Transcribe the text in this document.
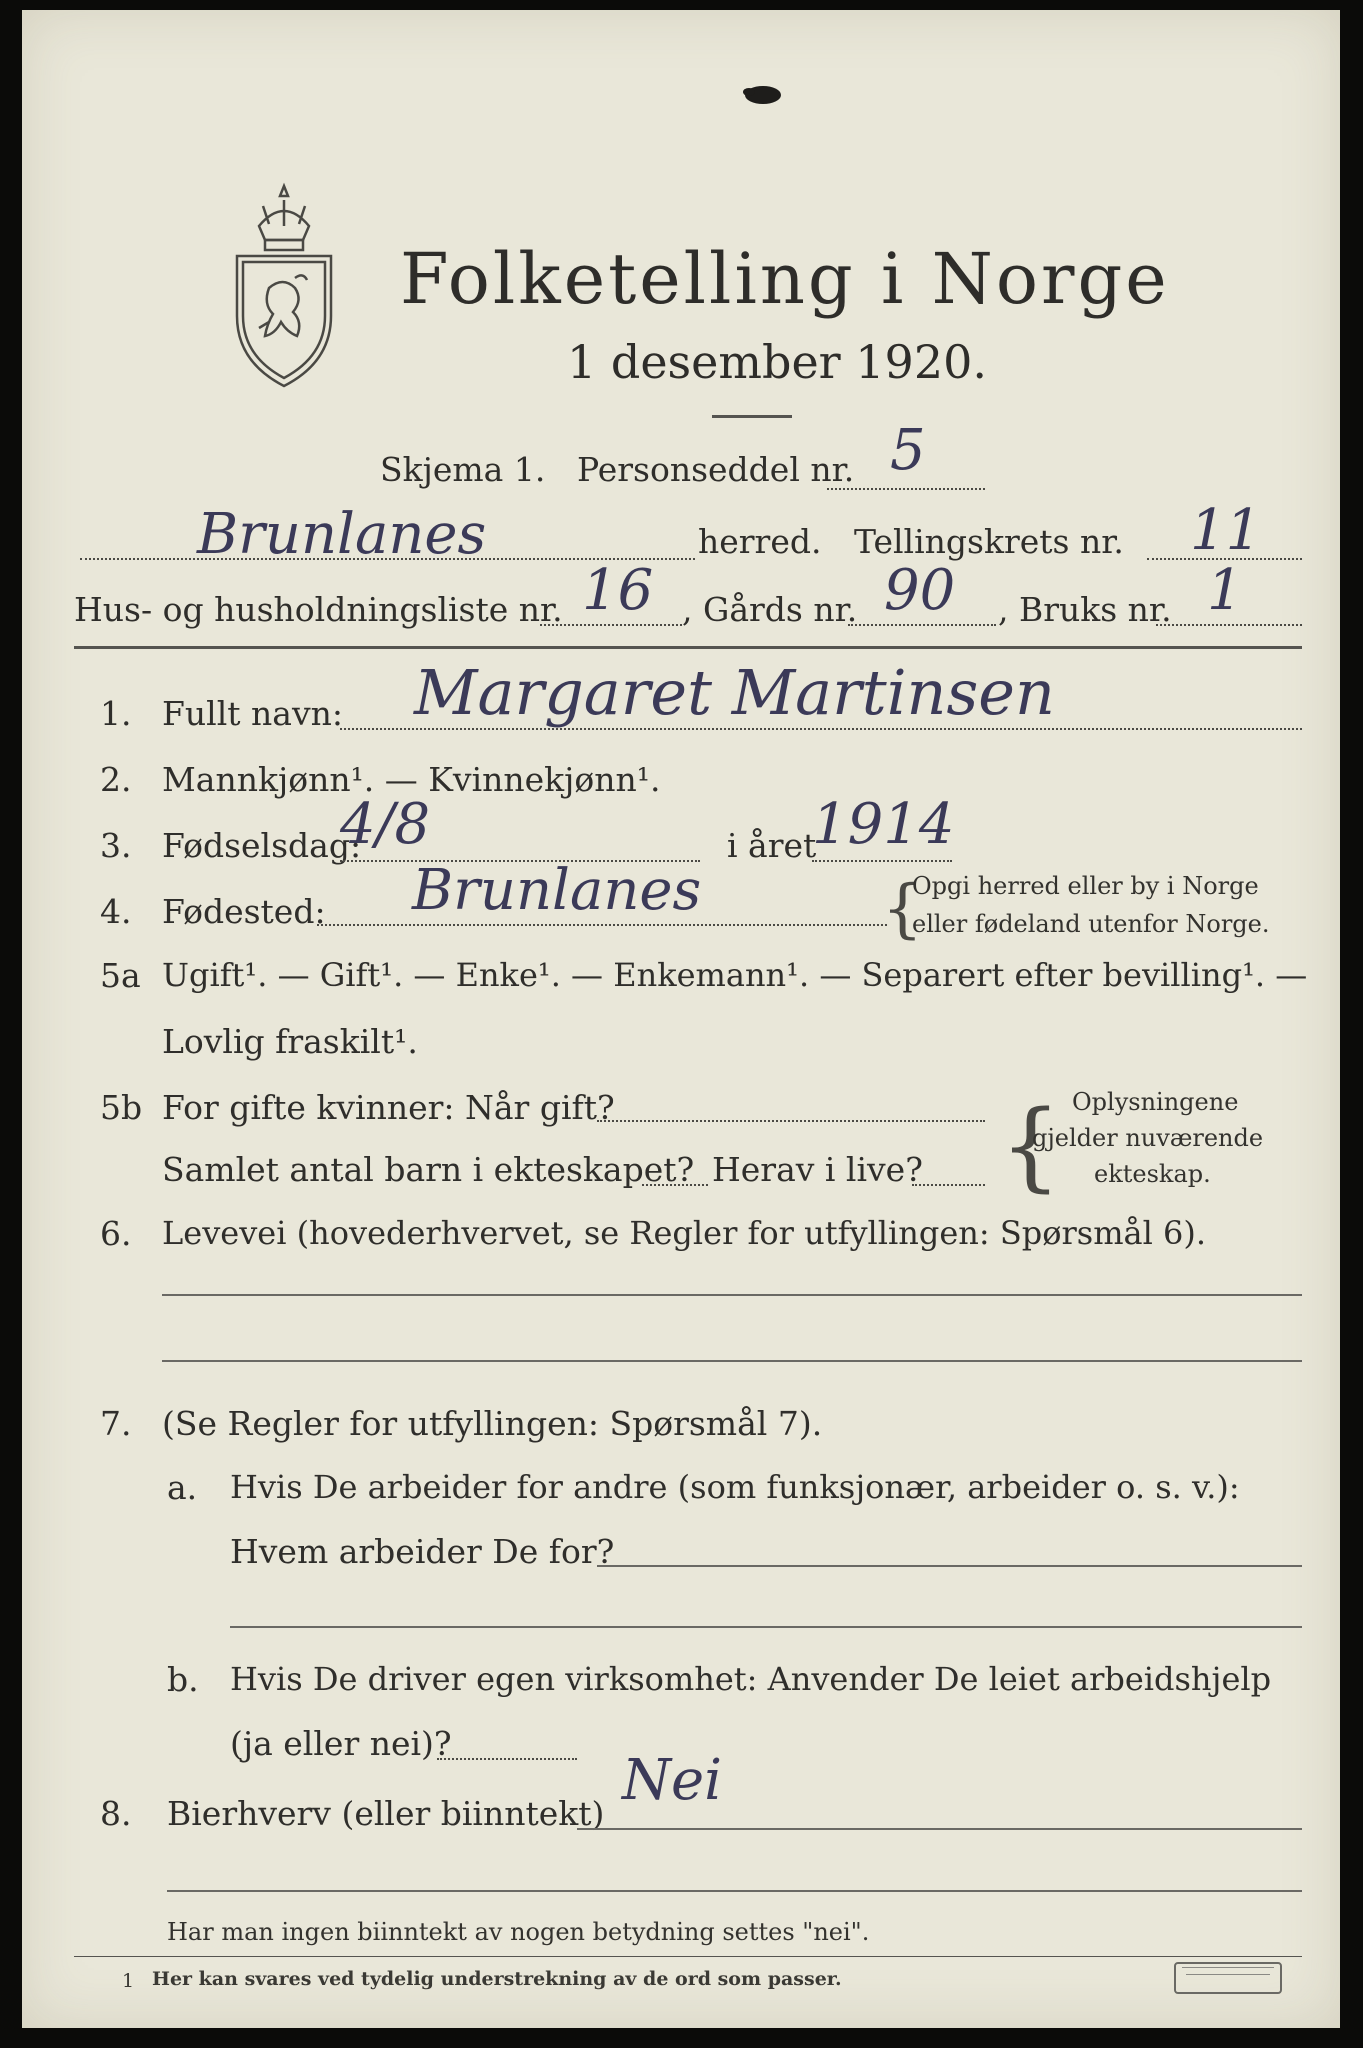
Folketelling i Norge
1 desember 1920.
Skjema 1. Personseddel nr. 5
Brunlanes	herred. Tellingskrets nr. 11
Hus- og husholdningsliste nr. 16 , Gårds nr. 90 , Bruks nr. 1
1. Fullt navn: Margaret Martinsen
2. Mannkjønn¹. — Kvinnekjønn¹.
3. Fødselsdag:
4/8	i året
1914
4. Fødested: Brunlanes	{
Opgi herred eller by i Norge
eller fødeland utenfor Norge.
5a Ugift¹. — Gift¹. — Enke¹. — Enkemann¹. — Separert efter bevilling¹. —
Lovlig fraskilt¹.
5b For gifte kvinner: Når gift?
Samlet antal barn i ekteskapet? Herav i live? { Oplysningene
gjelder nuværende
ekteskap.
6. Levevei (hovederhvervet, se Regler for utfyllingen: Spørsmål 6).
7. (Se Regler for utfyllingen: Spørsmål 7).
a. Hvis De arbeider for andre (som funksjonær, arbeider o. s. v.):
Hvem arbeider De for?
b. Hvis De driver egen virksomhet: Anvender De leiet arbeidshjelp
(ja eller nei)?
8. Bierhverv (eller biinntekt)
Nei
Har man ingen biinntekt av nogen betydning settes "nei".
1 Her kan svares ved tydelig understrekning av de ord som passer.
